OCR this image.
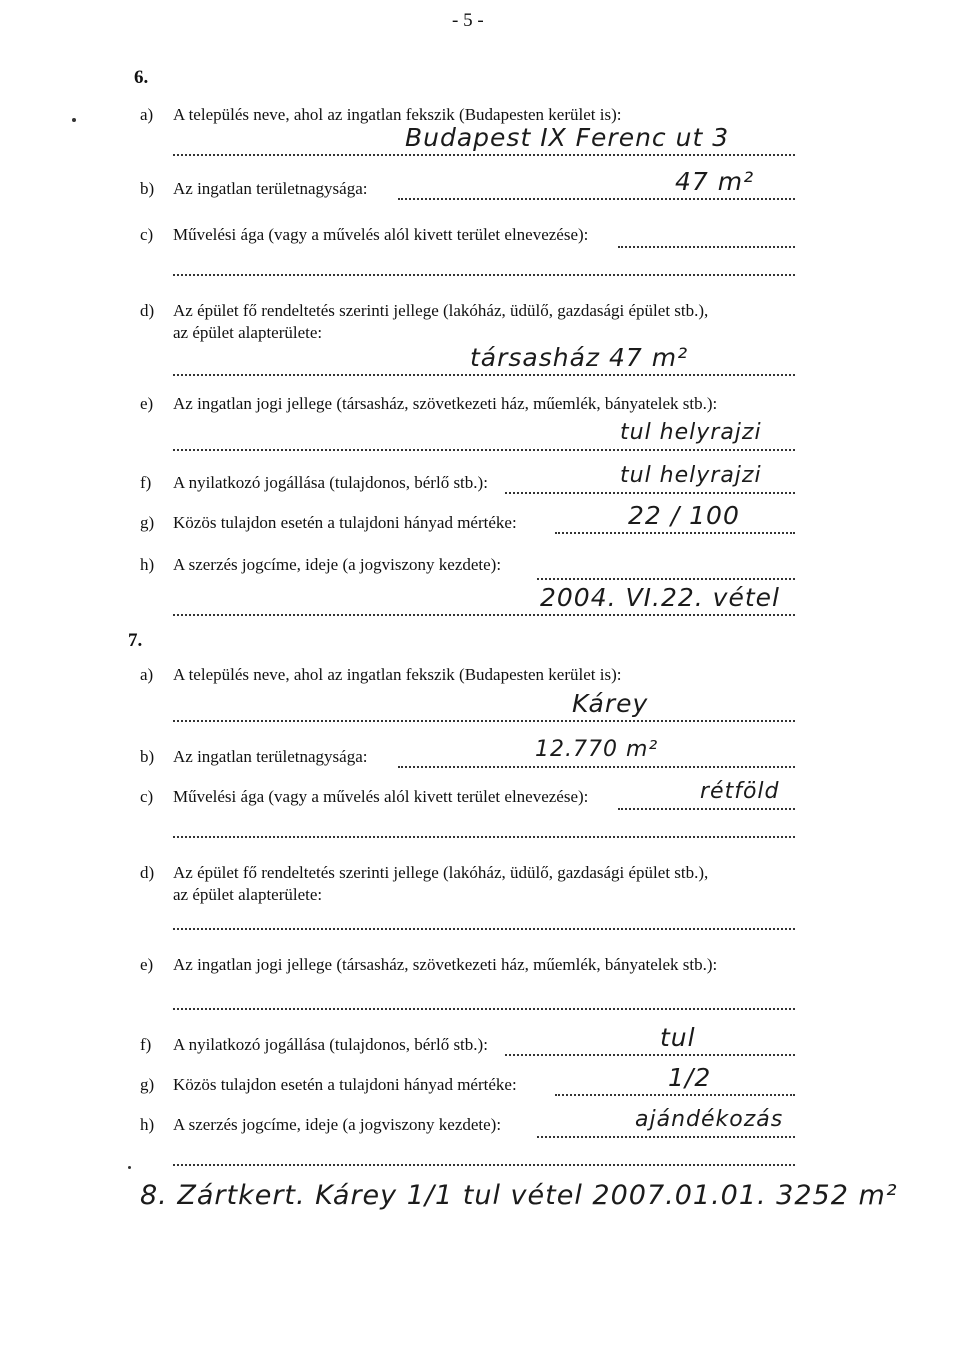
- 5 -
6.
a) A település neve, ahol az ingatlan fekszik (Budapesten kerület is):
Budapest IX Ferenc ut 3
b) Az ingatlan területnagysága:	47 m²
c) Művelési ága (vagy a művelés alól kivett terület elnevezése):
d) Az épület fő rendeltetés szerinti jellege (lakóház, üdülő, gazdasági épület stb.),
az épület alapterülete:
társasház 47 m²
e) Az ingatlan jogi jellege (társasház, szövetkezeti ház, műemlék, bányatelek stb.):
tul helyrajzi
f) A nyilatkozó jogállása (tulajdonos, bérlő stb.):	tul helyrajzi
g) Közös tulajdon esetén a tulajdoni hányad mértéke:	22 / 100
h) A szerzés jogcíme, ideje (a jogviszony kezdete):
2004. VI.22. vétel
7.
a) A település neve, ahol az ingatlan fekszik (Budapesten kerület is):
Kárey
b) Az ingatlan területnagysága:	12.770 m²
c) Művelési ága (vagy a művelés alól kivett terület elnevezése):	rétföld
d) Az épület fő rendeltetés szerinti jellege (lakóház, üdülő, gazdasági épület stb.),
az épület alapterülete:
e) Az ingatlan jogi jellege (társasház, szövetkezeti ház, műemlék, bányatelek stb.):
f) A nyilatkozó jogállása (tulajdonos, bérlő stb.):	tul
g) Közös tulajdon esetén a tulajdoni hányad mértéke:	1/2
h) A szerzés jogcíme, ideje (a jogviszony kezdete):	ajándékozás
8. Zártkert. Kárey 1/1 tul vétel 2007.01.01. 3252 m²
